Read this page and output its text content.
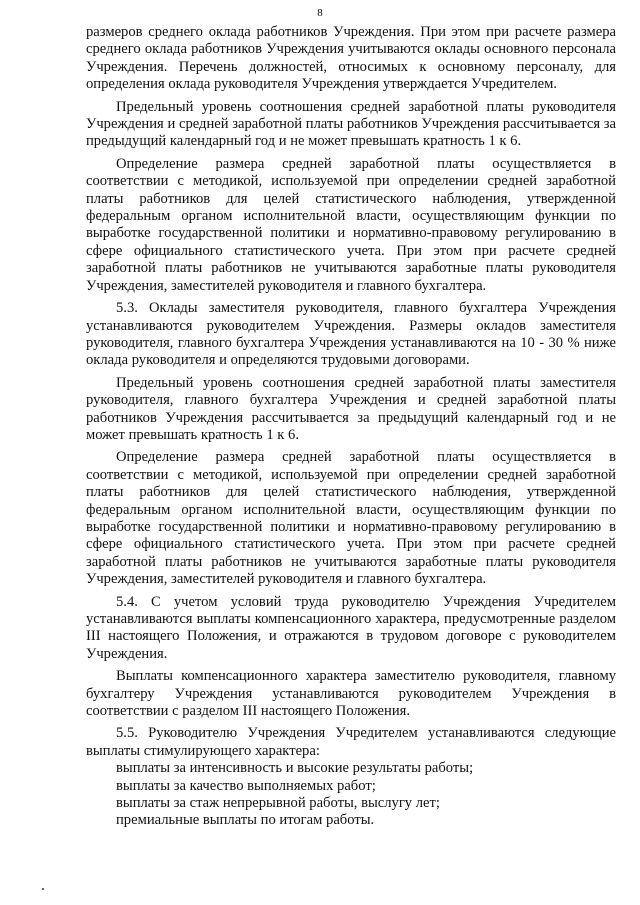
8

размеров среднего оклада работников Учреждения. При этом при расчете размера среднего оклада работников Учреждения учитываются оклады основного персонала Учреждения. Перечень должностей, относимых к основному персоналу, для определения оклада руководителя Учреждения утверждается Учредителем.

Предельный уровень соотношения средней заработной платы руководителя Учреждения и средней заработной платы работников Учреждения рассчитывается за предыдущий календарный год и не может превышать кратность 1 к 6.

Определение размера средней заработной платы осуществляется в соответствии с методикой, используемой при определении средней заработной платы работников для целей статистического наблюдения, утвержденной федеральным органом исполнительной власти, осуществляющим функции по выработке государственной политики и нормативно-правовому регулированию в сфере официального статистического учета. При этом при расчете средней заработной платы работников не учитываются заработные платы руководителя Учреждения, заместителей руководителя и главного бухгалтера.

5.3. Оклады заместителя руководителя, главного бухгалтера Учреждения устанавливаются руководителем Учреждения. Размеры окладов заместителя руководителя, главного бухгалтера Учреждения устанавливаются на 10 - 30 % ниже оклада руководителя и определяются трудовыми договорами.

Предельный уровень соотношения средней заработной платы заместителя руководителя, главного бухгалтера Учреждения и средней заработной платы работников Учреждения рассчитывается за предыдущий календарный год и не может превышать кратность 1 к 6.

Определение размера средней заработной платы осуществляется в соответствии с методикой, используемой при определении средней заработной платы работников для целей статистического наблюдения, утвержденной федеральным органом исполнительной власти, осуществляющим функции по выработке государственной политики и нормативно-правовому регулированию в сфере официального статистического учета. При этом при расчете средней заработной платы работников не учитываются заработные платы руководителя Учреждения, заместителей руководителя и главного бухгалтера.

5.4. С учетом условий труда руководителю Учреждения Учредителем устанавливаются выплаты компенсационного характера, предусмотренные разделом III настоящего Положения, и отражаются в трудовом договоре с руководителем Учреждения.

Выплаты компенсационного характера заместителю руководителя, главному бухгалтеру Учреждения устанавливаются руководителем Учреждения в соответствии с разделом III настоящего Положения.

5.5. Руководителю Учреждения Учредителем устанавливаются следующие выплаты стимулирующего характера:

выплаты за интенсивность и высокие результаты работы;
выплаты за качество выполняемых работ;
выплаты за стаж непрерывной работы, выслугу лет;
премиальные выплаты по итогам работы.
